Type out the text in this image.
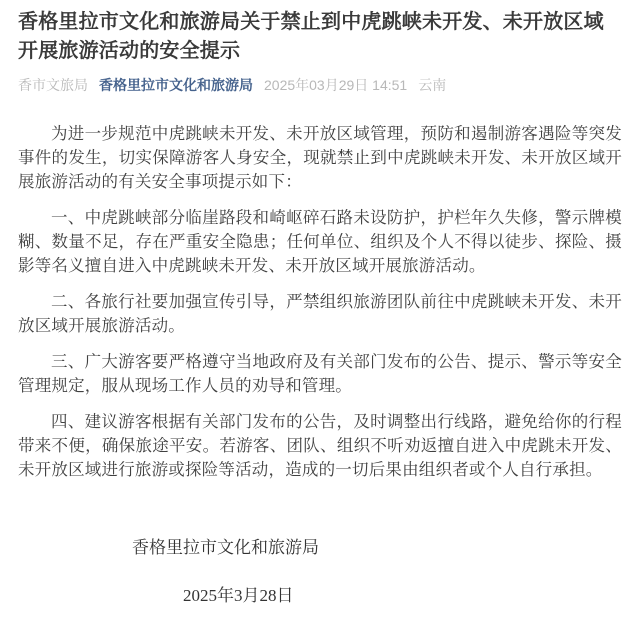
香格里拉市文化和旅游局关于禁止到中虎跳峡未开发、未开放区域开展旅游活动的安全提示
香市文旅局 香格里拉市文化和旅游局 2025年03月29日 14:51 云南

为进一步规范中虎跳峡未开发、未开放区域管理，预防和遏制游客遇险等突发事件的发生，切实保障游客人身安全，现就禁止到中虎跳峡未开发、未开放区域开展旅游活动的有关安全事项提示如下：

一、中虎跳峡部分临崖路段和崎岖碎石路未设防护，护栏年久失修，警示牌模糊、数量不足，存在严重安全隐患；任何单位、组织及个人不得以徒步、探险、摄影等名义擅自进入中虎跳峡未开发、未开放区域开展旅游活动。

二、各旅行社要加强宣传引导，严禁组织旅游团队前往中虎跳峡未开发、未开放区域开展旅游活动。

三、广大游客要严格遵守当地政府及有关部门发布的公告、提示、警示等安全管理规定，服从现场工作人员的劝导和管理。

四、建议游客根据有关部门发布的公告，及时调整出行线路，避免给你的行程带来不便，确保旅途平安。若游客、团队、组织不听劝返擅自进入中虎跳未开发、未开放区域进行旅游或探险等活动，造成的一切后果由组织者或个人自行承担。

香格里拉市文化和旅游局
2025年3月28日
